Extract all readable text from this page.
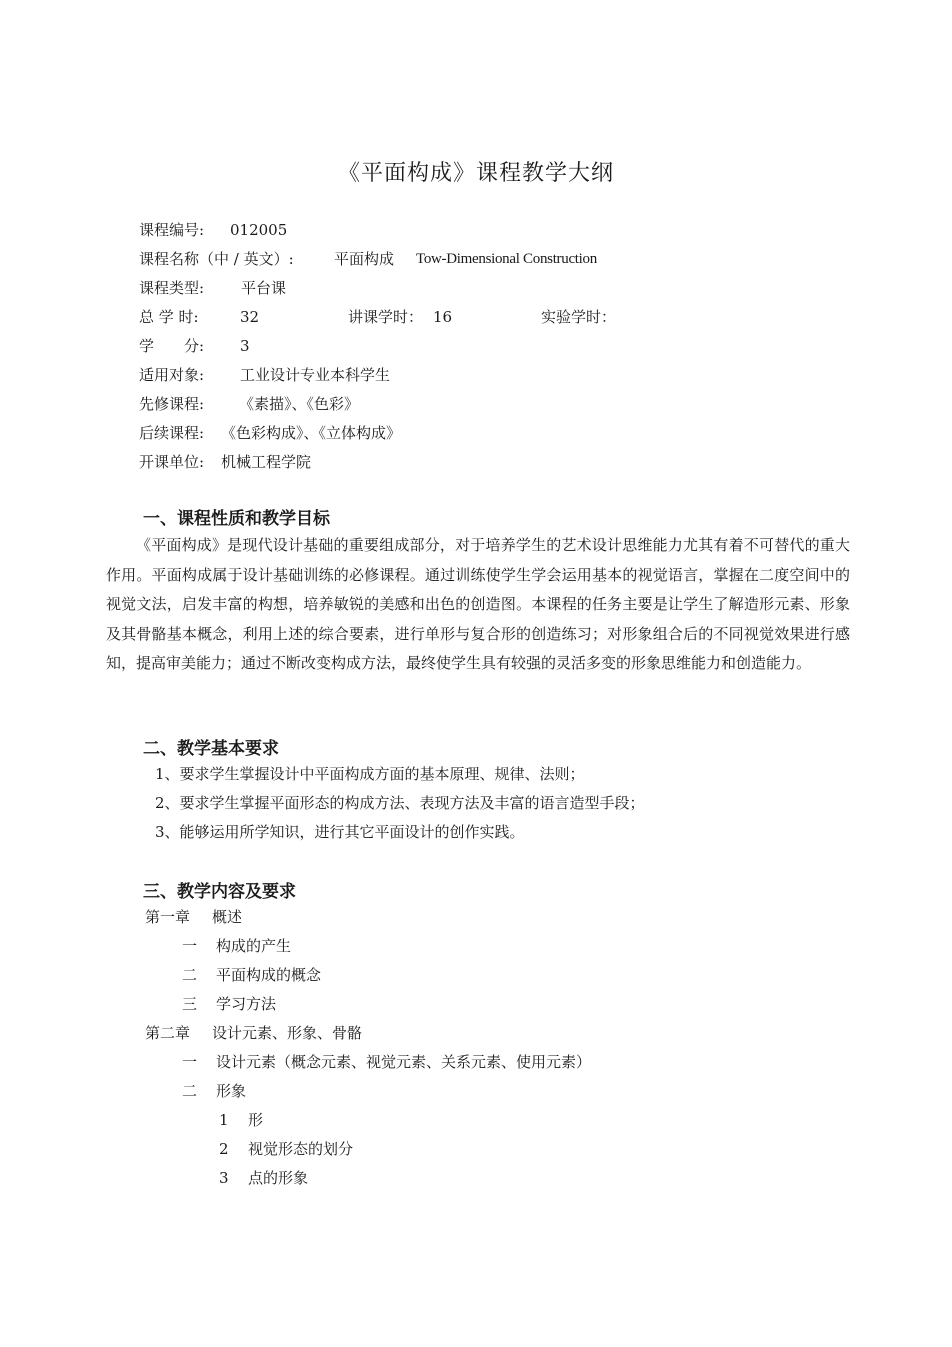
《平面构成》课程教学大纲
课程编号: 012005
课程名称（中 / 英文）:	平面构成 Tow-Dimensional Construction
课程类型: 平台课
总 学 时:	32	讲课学时： 16	实验学时：
学　　分: 3
适用对象: 工业设计专业本科学生
先修课程: 《素描》、《色彩》
后续课程: 《色彩构成》、《立体构成》
开课单位: 机械工程学院
一、课程性质和教学目标
《平面构成》是现代设计基础的重要组成部分，对于培养学生的艺术设计思维能力尤其有着不可替代的重大作用。平面构成属于设计基础训练的必修课程。通过训练使学生学会运用基本的视觉语言，掌握在二度空间中的视觉文法，启发丰富的构想，培养敏锐的美感和出色的创造图。本课程的任务主要是让学生了解造形元素、形象及其骨骼基本概念，利用上述的综合要素，进行单形与复合形的创造练习；对形象组合后的不同视觉效果进行感知，提高审美能力；通过不断改变构成方法，最终使学生具有较强的灵活多变的形象思维能力和创造能力。
二、教学基本要求
1、要求学生掌握设计中平面构成方面的基本原理、规律、法则；
2、要求学生掌握平面形态的构成方法、表现方法及丰富的语言造型手段；
3、能够运用所学知识，进行其它平面设计的创作实践。
三、教学内容及要求
第一章 概述
一 构成的产生
二 平面构成的概念
三 学习方法
第二章 设计元素、形象、骨骼
一 设计元素（概念元素、视觉元素、关系元素、使用元素）
二 形象
1 形
2 视觉形态的划分
3 点的形象
